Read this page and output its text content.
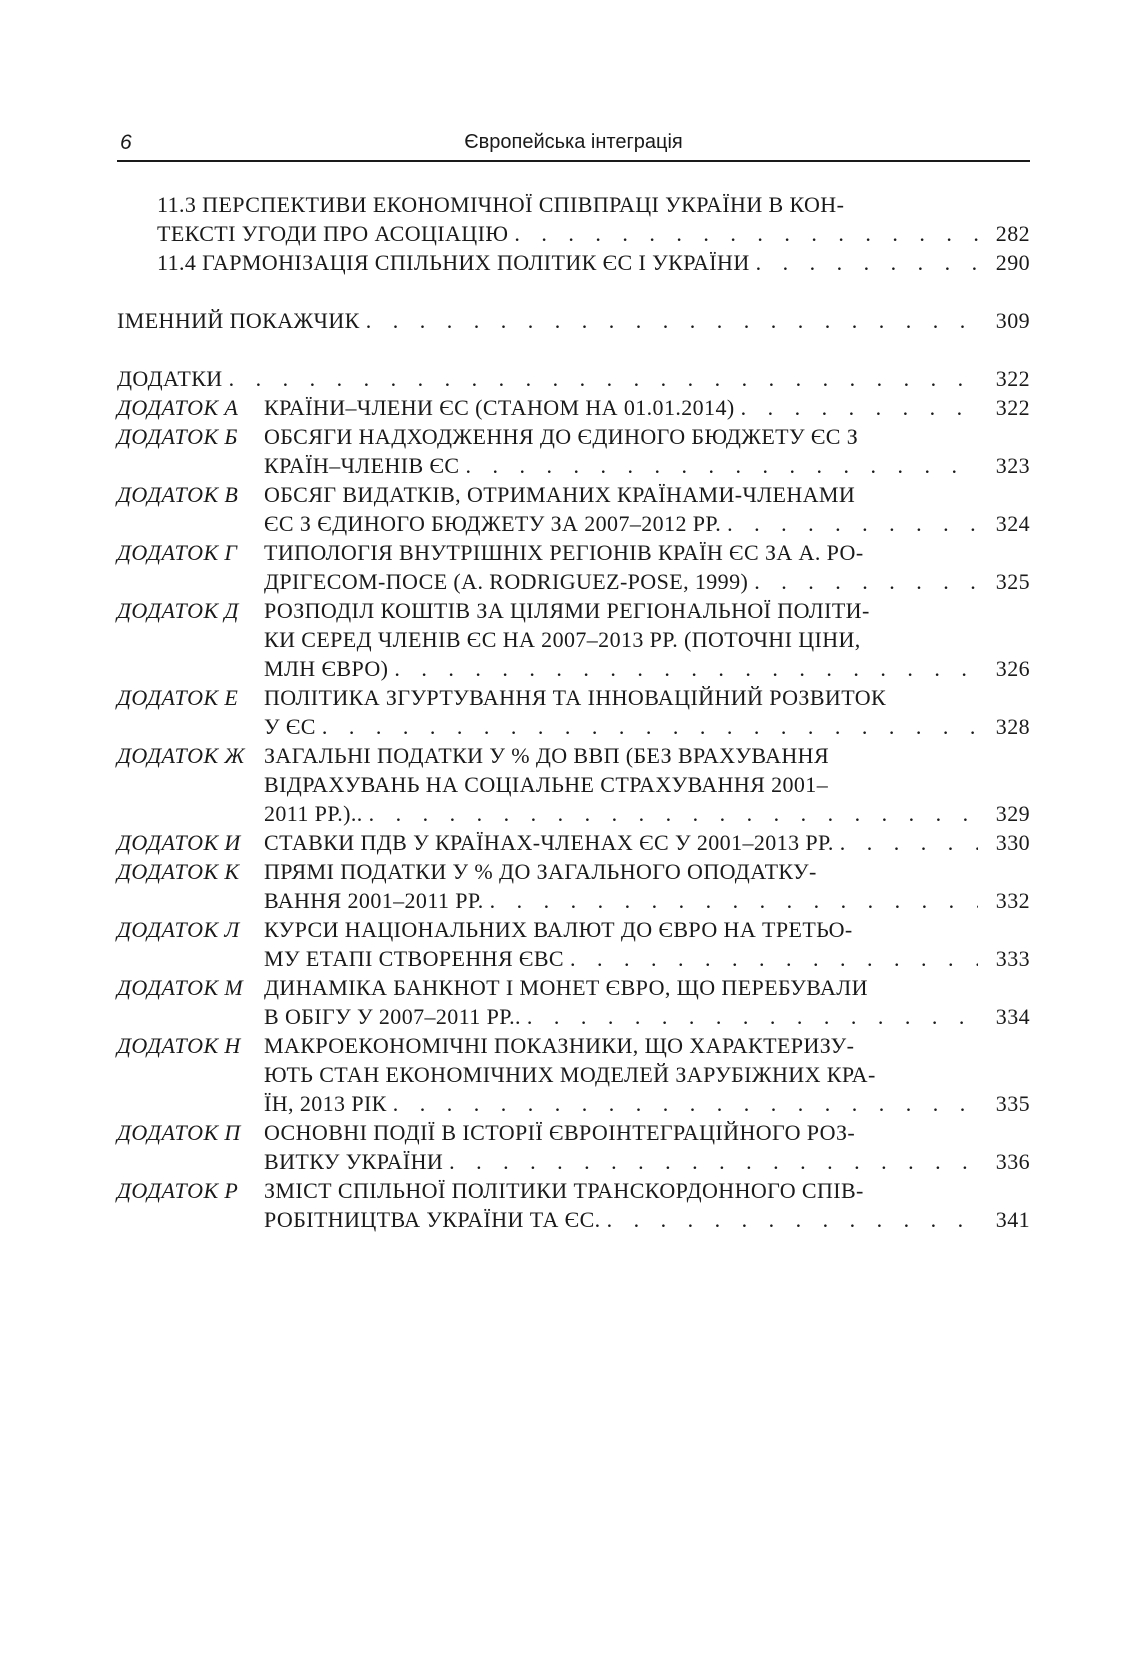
6	Європейська інтеграція
11.3 ПЕРСПЕКТИВИ ЕКОНОМІЧНОЇ СПІВПРАЦІ УКРАЇНИ В КОН-
ТЕКСТІ УГОДИ ПРО АСОЦІАЦІЮ . . .	282
11.4 ГАРМОНІЗАЦІЯ СПІЛЬНИХ ПОЛІТИК ЄС І УКРАЇНИ . . .	290
ІМЕННИЙ ПОКАЖЧИК . . .	309
ДОДАТКИ . . .	322
ДОДАТОК А	КРАЇНИ–ЧЛЕНИ ЄС (СТАНОМ НА 01.01.2014) . . .	322
ДОДАТОК Б	ОБСЯГИ НАДХОДЖЕННЯ ДО ЄДИНОГО БЮДЖЕТУ ЄС З
КРАЇН–ЧЛЕНІВ ЄС . . .	323
ДОДАТОК В	ОБСЯГ ВИДАТКІВ, ОТРИМАНИХ КРАЇНАМИ-ЧЛЕНАМИ
ЄС З ЄДИНОГО БЮДЖЕТУ ЗА 2007–2012 РР. . . .	324
ДОДАТОК Г	ТИПОЛОГІЯ ВНУТРІШНІХ РЕГІОНІВ КРАЇН ЄС ЗА А. РО-
ДРІГЕСОМ-ПОСЕ (A. RODRIGUEZ-POSE, 1999) . . .	325
ДОДАТОК Д	РОЗПОДІЛ КОШТІВ ЗА ЦІЛЯМИ РЕГІОНАЛЬНОЇ ПОЛІТИ-
КИ СЕРЕД ЧЛЕНІВ ЄС НА 2007–2013 РР. (ПОТОЧНІ ЦІНИ,
МЛН ЄВРО) . . .	326
ДОДАТОК Е	ПОЛІТИКА ЗГУРТУВАННЯ ТА ІННОВАЦІЙНИЙ РОЗВИТОК
У ЄС . . .	328
ДОДАТОК Ж ЗАГАЛЬНІ ПОДАТКИ У % ДО ВВП (БЕЗ ВРАХУВАННЯ
ВІДРАХУВАНЬ НА СОЦІАЛЬНЕ СТРАХУВАННЯ 2001–
2011 РР.).. . . .	329
ДОДАТОК И	СТАВКИ ПДВ У КРАЇНАХ-ЧЛЕНАХ ЄС У 2001–2013 РР. . . .	330
ДОДАТОК К	ПРЯМІ ПОДАТКИ У % ДО ЗАГАЛЬНОГО ОПОДАТКУ-
ВАННЯ 2001–2011 РР. . . .	332
ДОДАТОК Л	КУРСИ НАЦІОНАЛЬНИХ ВАЛЮТ ДО ЄВРО НА ТРЕТЬО-
МУ ЕТАПІ СТВОРЕННЯ ЄВС . . .	333
ДОДАТОК М ДИНАМІКА БАНКНОТ І МОНЕТ ЄВРО, ЩО ПЕРЕБУВАЛИ
В ОБІГУ У 2007–2011 РР.. . . .	334
ДОДАТОК Н	МАКРОЕКОНОМІЧНІ ПОКАЗНИКИ, ЩО ХАРАКТЕРИЗУ-
ЮТЬ СТАН ЕКОНОМІЧНИХ МОДЕЛЕЙ ЗАРУБІЖНИХ КРА-
ЇН, 2013 РІК . . .	335
ДОДАТОК П	ОСНОВНІ ПОДІЇ В ІСТОРІЇ ЄВРОІНТЕГРАЦІЙНОГО РОЗ-
ВИТКУ УКРАЇНИ . . .	336
ДОДАТОК Р	ЗМІСТ СПІЛЬНОЇ ПОЛІТИКИ ТРАНСКОРДОННОГО СПІВ-
РОБІТНИЦТВА УКРАЇНИ ТА ЄС. . . .	341
